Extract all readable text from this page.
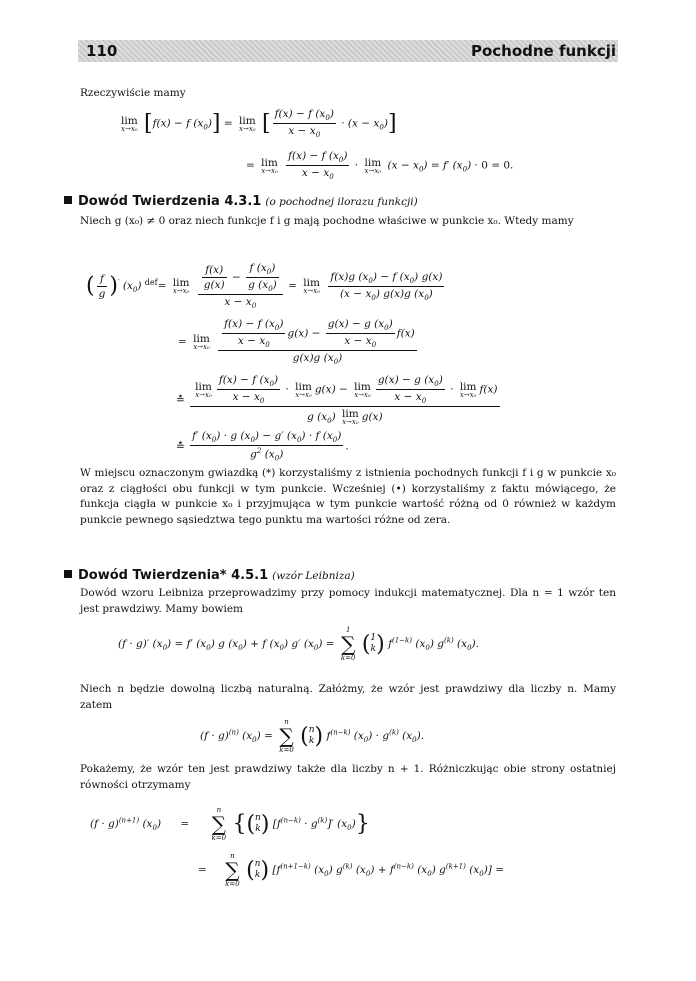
110	Pochodne funkcji
Rzeczywiście mamy
lim
x→x₀ [f(x) − f $(x_0)] = \lim$
x→x₀ [ $\frac{f(x) - f (x_0)}{x - x_0} \cdot (x - x_0)$]
= lim
x→x₀
$\frac{f(x) - f (x_0)}{x - x_0} \cdot \lim$
x→x₀ $(x - x_0) = f'$ $(x_0) \cdot 0 = 0$.
Dowód Twierdzenia 4.3.1 (o pochodnej ilorazu funkcji)
Niech g (x₀) ≠ 0 oraz niech funkcje f i g mają pochodne właściwe w punkcie x₀. Wtedy mamy
( $\frac{f}{g} )'$ $(x_0)$ $^{def}$= lim
x→x₀
$\frac{\frac{f(x)}{g(x)} - \frac{f (x_0)}{g (x_0)}}{x - x_0} = \lim$
x→x₀
$\frac{f(x)g (x_0) - f (x_0) g(x)}{(x - x_0) g(x)g (x_0)}$
= lim
x→x₀
$\frac{\frac{f(x) - f (x_0)}{x - x_0} g(x) - \frac{g(x) - g (x_0)}{x - x_0} f(x)}{g(x)g (x_0)}$
≛
lim
$x\to x_0 \frac{f(x) - f (x_0)}{x - x_0} \cdot \lim$
x→x₀ g(x) − lim
$x\to x_0 \frac{g(x) - g (x_0)}{x - x_0} \cdot \lim$
x→x₀ f(x)
g $(x_0)$ lim
x→x₀ g(x)
≛ $\frac{f' (x_0) \cdot g (x_0) - g' (x_0) \cdot f (x_0)}{g^2 (x_0)}$ .
W miejscu oznaczonym gwiazdką (*) korzystaliśmy z istnienia pochodnych funkcji f i g w punkcie x₀ oraz z ciągłości obu funkcji w tym punkcie. Wcześniej (•) korzystaliśmy z faktu mówiącego, że funkcja ciągła w punkcie x₀ i przyjmująca w tym punkcie wartość różną od 0 również w każdym punkcie pewnego sąsiedztwa tego punktu ma wartości różne od zera.
Dowód Twierdzenia* 4.5.1 (wzór Leibniza)
Dowód wzoru Leibniza przeprowadzimy przy pomocy indukcji matematycznej. Dla n = 1 wzór ten jest prawdziwy. Mamy bowiem
(f · g)′ $(x_0) = f'$ $(x_0)$ g $(x_0) + f$ $(x_0)$ g′ $(x_0)$ =
1
∑
k=0
( 1
k ) $f^{(1-k)}$ $(x_0)$ $g^{(k)}$ $(x_0)$.
Niech n będzie dowolną liczbą naturalną. Załóżmy, że wzór jest prawdziwy dla liczby n. Mamy zatem
$(f \cdot g)^{(n)}$ $(x_0)$ =
n
∑
k=0
( n
k ) $f^{(n-k)}$ $(x_0) \cdot g^{(k)}$ $(x_0)$.
Pokażemy, że wzór ten jest prawdziwy także dla liczby n + 1. Różniczkując obie strony ostatniej równości otrzymamy
$(f \cdot g)^{(n+1)}$ $(x_0)$ =
n
∑
k=0
{( n
k ) $[f^{(n-k)} \cdot g^{(k)}]'$ $(x_0)$}
=
n
∑
k=0
( n
k ) [$f^{(n+1-k)}$ $(x_0)$ $g^{(k)}$ $(x_0) + f^{(n-k)}$ $(x_0)$ $g^{(k+1)}$ $(x_0)$] =
